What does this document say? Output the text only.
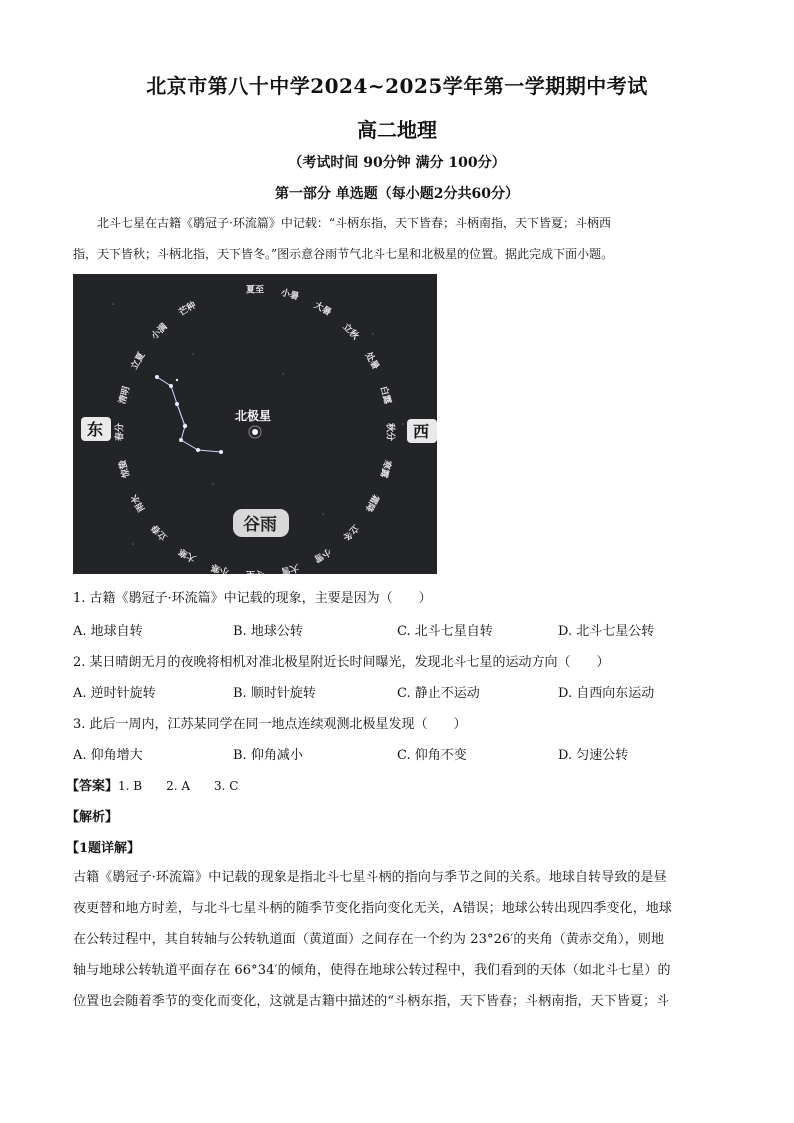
北京市第八十中学2024~2025学年第一学期期中考试
高二地理
（考试时间 90分钟 满分 100分）
第一部分 单选题（每小题2分共60分）
北斗七星在古籍《鹖冠子·环流篇》中记载：“斗柄东指，天下皆春；斗柄南指，天下皆夏；斗柄西
指，天下皆秋；斗柄北指，天下皆冬。”图示意谷雨节气北斗七星和北极星的位置。据此完成下面小题。
夏至 小暑
大暑
立秋
处暑
白露
秋分
寒露
霜降
立冬
小雪
大雪
冬至
小寒
大寒
立春
雨水
惊蛰
春分
清明
立夏
小满
芒种
北极星
东	西
谷雨
1. 古籍《鹖冠子·环流篇》中记载的现象，主要是因为（　　）
A. 地球自转	B. 地球公转	C. 北斗七星自转	D. 北斗七星公转
2. 某日晴朗无月的夜晚将相机对准北极星附近长时间曝光，发现北斗七星的运动方向（　　）
A. 逆时针旋转	B. 顺时针旋转	C. 静止不运动	D. 自西向东运动
3. 此后一周内，江苏某同学在同一地点连续观测北极星发现（　　）
A. 仰角增大	B. 仰角减小	C. 仰角不变	D. 匀速公转
【答案】1. B　　2. A　　3. C
【解析】
【1题详解】
古籍《鹖冠子·环流篇》中记载的现象是指北斗七星斗柄的指向与季节之间的关系。地球自转导致的是昼
夜更替和地方时差，与北斗七星斗柄的随季节变化指向变化无关，A错误；地球公转出现四季变化，地球
在公转过程中，其自转轴与公转轨道面（黄道面）之间存在一个约为 23°26′的夹角（黄赤交角），则地
轴与地球公转轨道平面存在 66°34′的倾角，使得在地球公转过程中，我们看到的天体（如北斗七星）的
位置也会随着季节的变化而变化，这就是古籍中描述的“斗柄东指，天下皆春；斗柄南指，天下皆夏；斗
